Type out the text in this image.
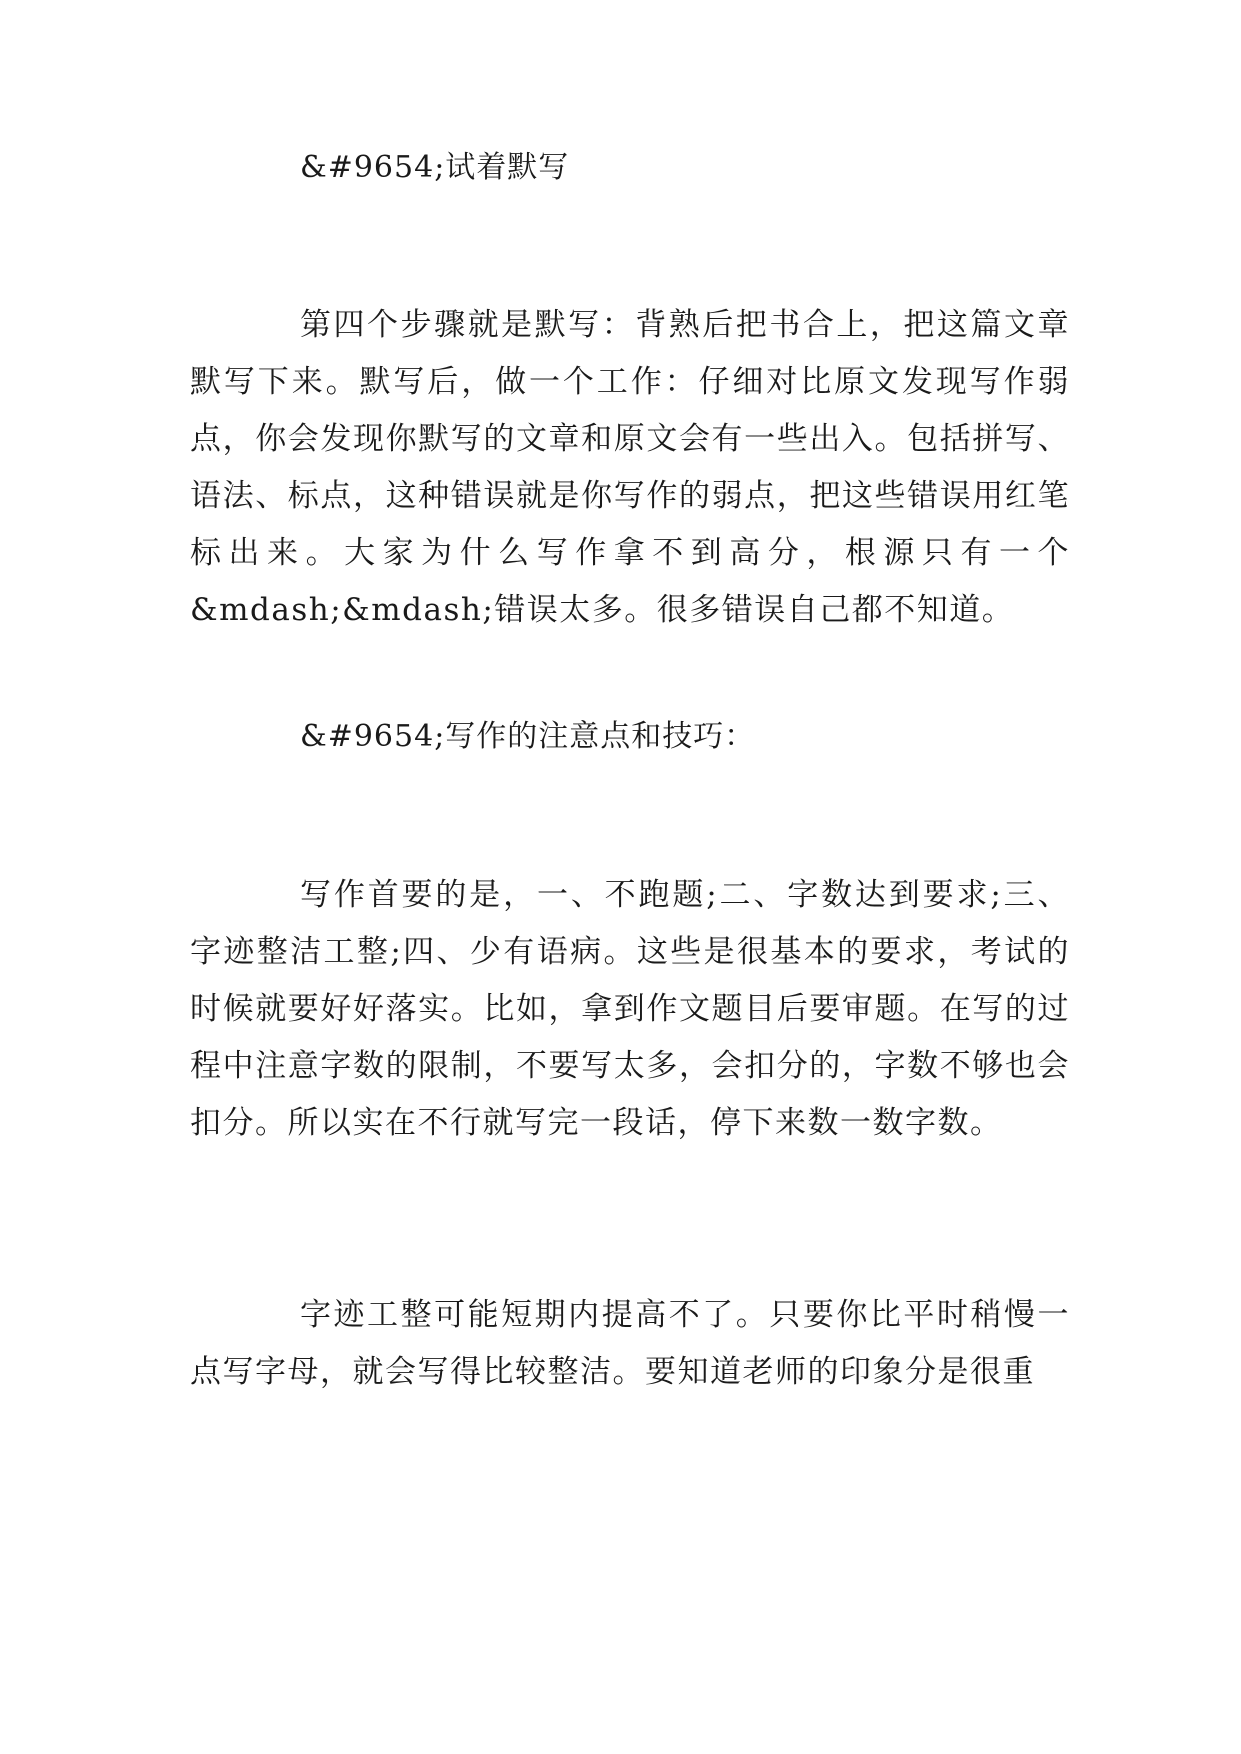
&#9654;试着默写

第四个步骤就是默写：背熟后把书合上，把这篇文章默写下来。默写后，做一个工作：仔细对比原文发现写作弱点，你会发现你默写的文章和原文会有一些出入。包括拼写、语法、标点，这种错误就是你写作的弱点，把这些错误用红笔标出来。大家为什么写作拿不到高分，根源只有一个&mdash;&mdash;错误太多。很多错误自己都不知道。

&#9654;写作的注意点和技巧：

写作首要的是，一、不跑题;二、字数达到要求;三、字迹整洁工整;四、少有语病。这些是很基本的要求，考试的时候就要好好落实。比如，拿到作文题目后要审题。在写的过程中注意字数的限制，不要写太多，会扣分的，字数不够也会扣分。所以实在不行就写完一段话，停下来数一数字数。

字迹工整可能短期内提高不了。只要你比平时稍慢一点写字母，就会写得比较整洁。要知道老师的印象分是很重
